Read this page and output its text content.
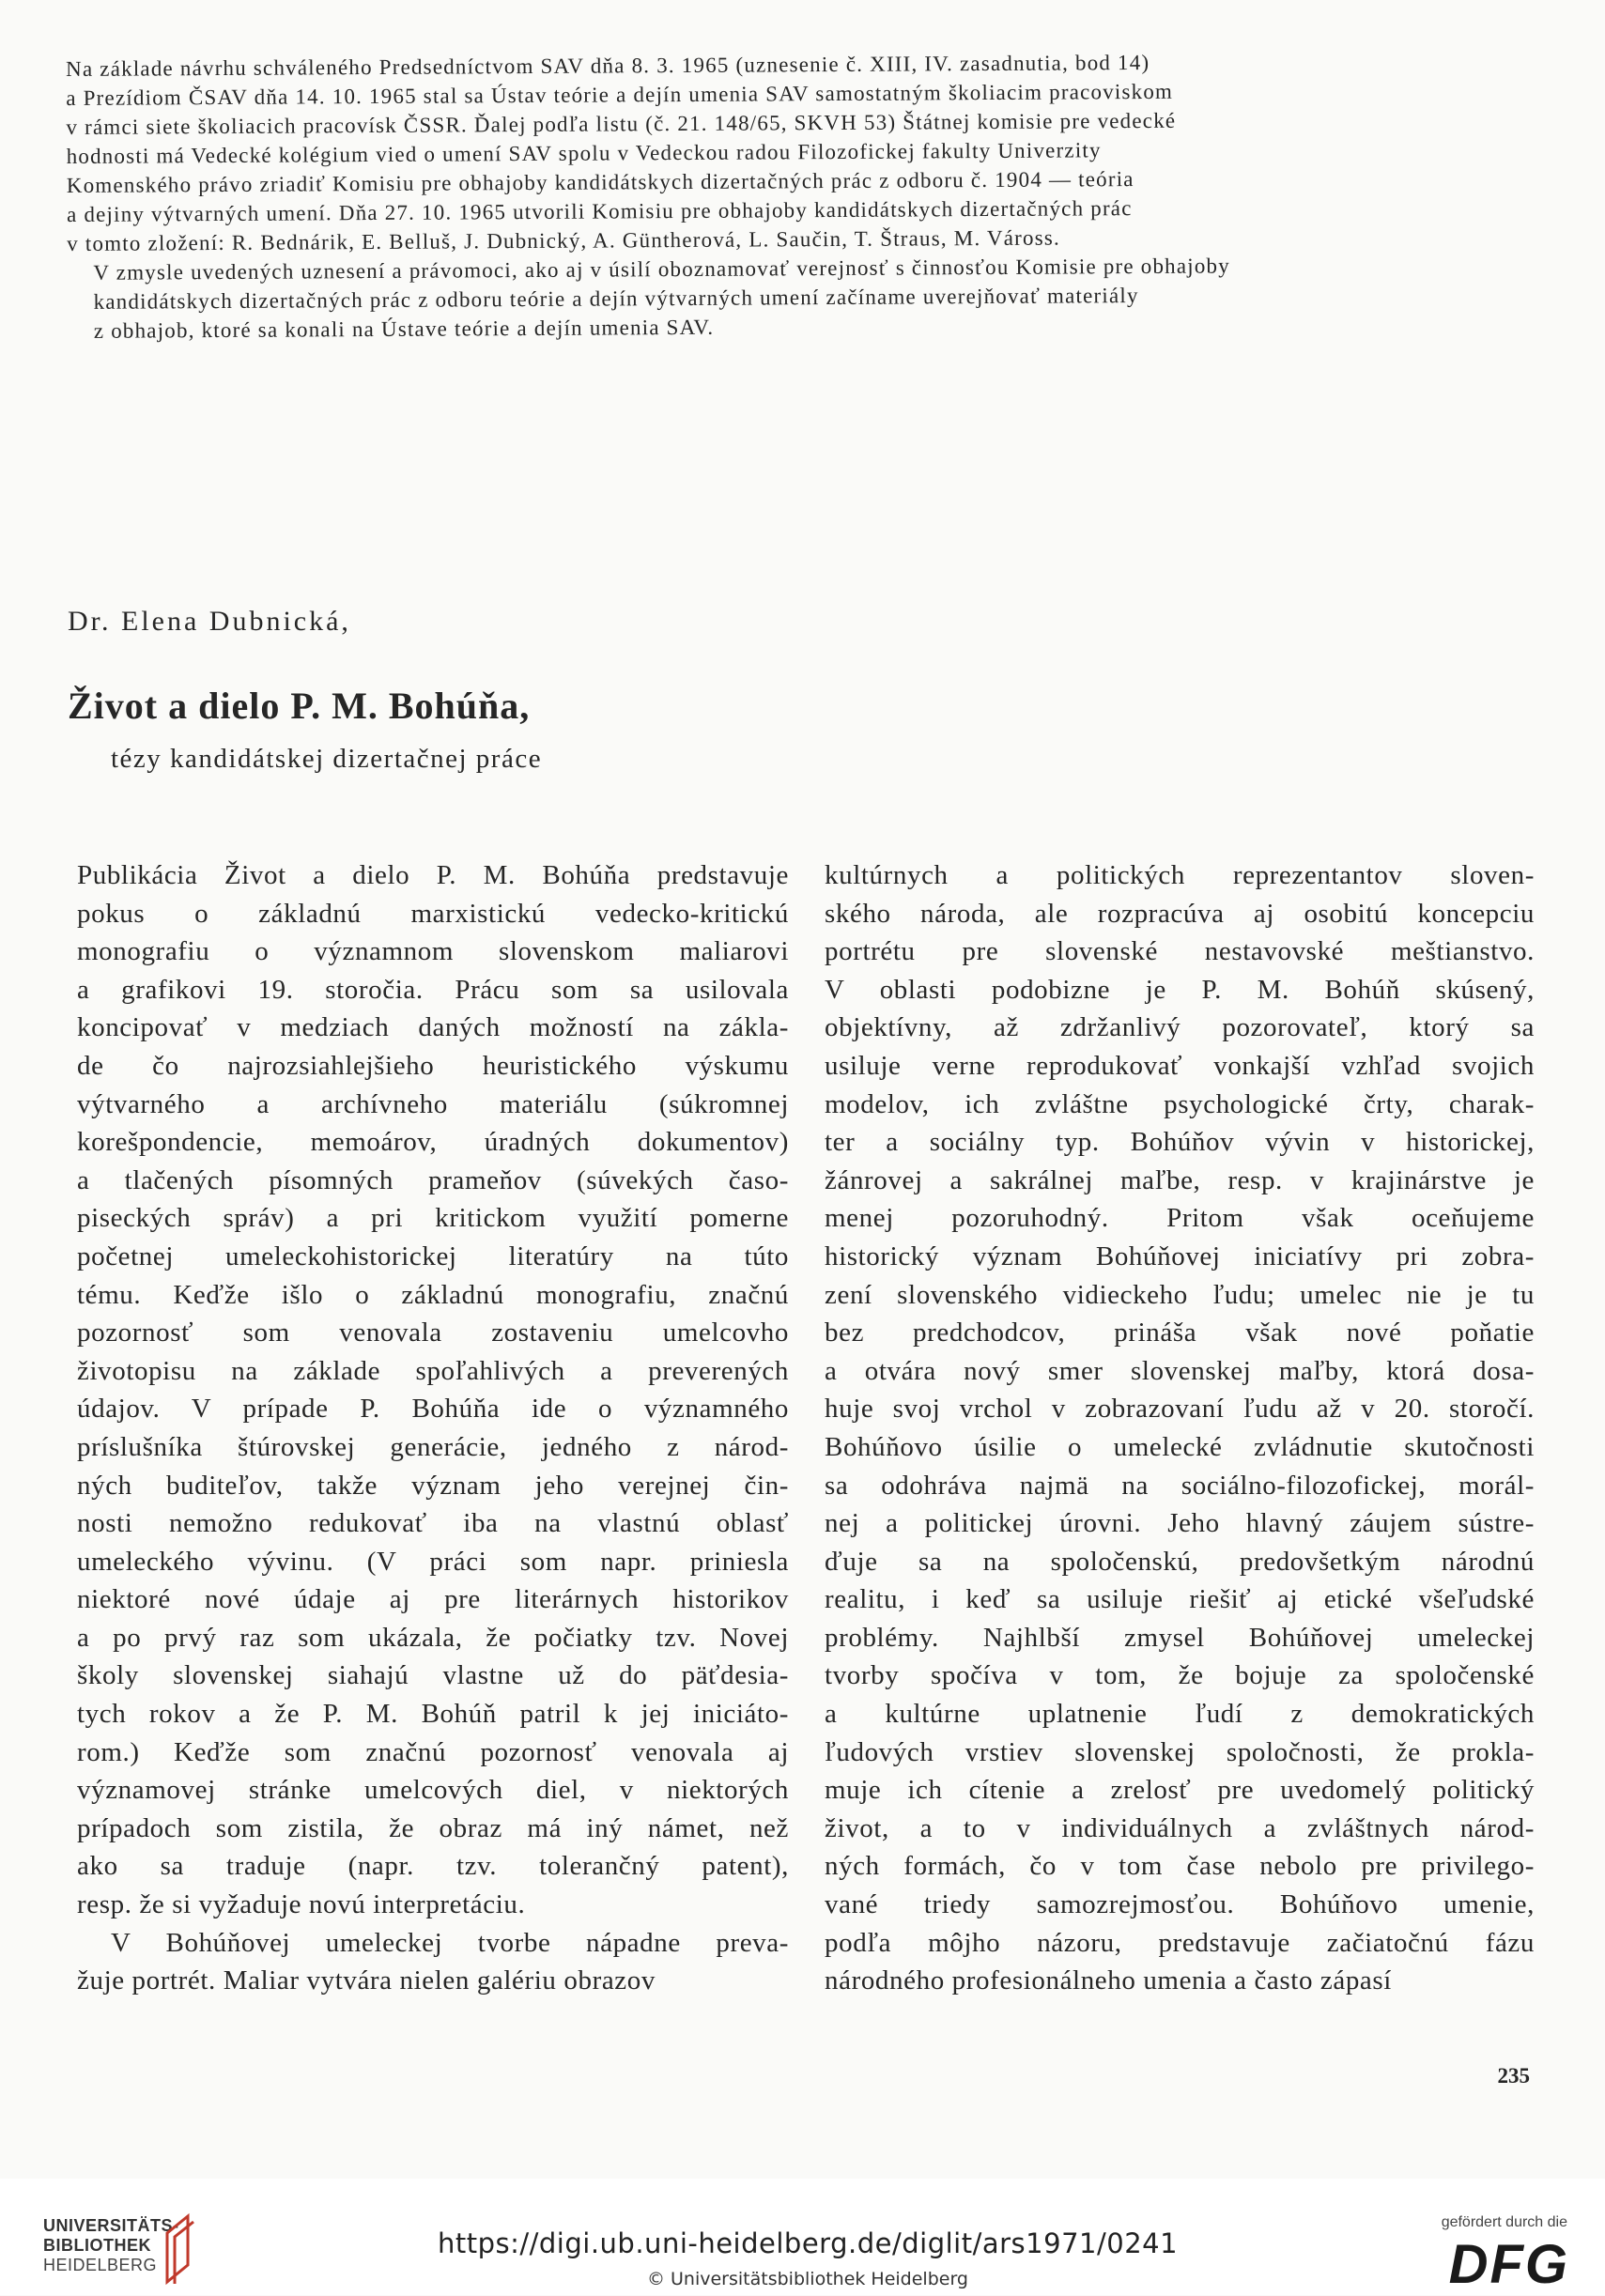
Na základe návrhu schváleného Predsedníctvom SAV dňa 8. 3. 1965 (uznesenie č. XIII, IV. zasadnutia, bod 14)
a Prezídiom ČSAV dňa 14. 10. 1965 stal sa Ústav teórie a dejín umenia SAV samostatným školiacim pracoviskom
v rámci siete školiacich pracovísk ČSSR. Ďalej podľa listu (č. 21. 148/65, SKVH 53) Štátnej komisie pre vedecké
hodnosti má Vedecké kolégium vied o umení SAV spolu v Vedeckou radou Filozofickej fakulty Univerzity
Komenského právo zriadiť Komisiu pre obhajoby kandidátskych dizertačných prác z odboru č. 1904 — teória
a dejiny výtvarných umení. Dňa 27. 10. 1965 utvorili Komisiu pre obhajoby kandidátskych dizertačných prác
v tomto zložení: R. Bednárik, E. Belluš, J. Dubnický, A. Güntherová, L. Saučin, T. Štraus, M. Váross.

V zmysle uvedených uznesení a právomoci, ako aj v úsilí oboznamovať verejnosť s činnosťou Komisie pre obhajoby
kandidátskych dizertačných prác z odboru teórie a dejín výtvarných umení začíname uverejňovať materiály
z obhajob, ktoré sa konali na Ústave teórie a dejín umenia SAV.

Dr. Elena Dubnická,
Život a dielo P. M. Bohúňa,
tézy kandidátskej dizertačnej práce
Publikácia Život a dielo P. M. Bohúňa predstavuje
pokus o základnú marxistickú vedecko-kritickú
monografiu o významnom slovenskom maliarovi
a grafikovi 19. storočia. Prácu som sa usilovala
koncipovať v medziach daných možností na zákla-
de čo najrozsiahlejšieho heuristického výskumu
výtvarného a archívneho materiálu (súkromnej
korešpondencie, memoárov, úradných dokumentov)
a tlačených písomných prameňov (súvekých časo-
piseckých správ) a pri kritickom využití pomerne
početnej umeleckohistorickej literatúry na túto
tému. Keďže išlo o základnú monografiu, značnú
pozornosť som venovala zostaveniu umelcovho
životopisu na základe spoľahlivých a preverených
údajov. V prípade P. Bohúňa ide o významného
príslušníka štúrovskej generácie, jedného z národ-
ných buditeľov, takže význam jeho verejnej čin-
nosti nemožno redukovať iba na vlastnú oblasť
umeleckého vývinu. (V práci som napr. priniesla
niektoré nové údaje aj pre literárnych historikov
a po prvý raz som ukázala, že počiatky tzv. Novej
školy slovenskej siahajú vlastne už do päťdesia-
tych rokov a že P. M. Bohúň patril k jej iniciáto-
rom.) Keďže som značnú pozornosť venovala aj
významovej stránke umelcových diel, v niektorých
prípadoch som zistila, že obraz má iný námet, než
ako sa traduje (napr. tzv. tolerančný patent),
resp. že si vyžaduje novú interpretáciu.
V Bohúňovej umeleckej tvorbe nápadne preva-
žuje portrét. Maliar vytvára nielen galériu obrazov
kultúrnych a politických reprezentantov sloven-
ského národa, ale rozpracúva aj osobitú koncepciu
portrétu pre slovenské nestavovské meštianstvo.
V oblasti podobizne je P. M. Bohúň skúsený,
objektívny, až zdržanlivý pozorovateľ, ktorý sa
usiluje verne reprodukovať vonkajší vzhľad svojich
modelov, ich zvláštne psychologické črty, charak-
ter a sociálny typ. Bohúňov vývin v historickej,
žánrovej a sakrálnej maľbe, resp. v krajinárstve je
menej pozoruhodný. Pritom však oceňujeme
historický význam Bohúňovej iniciatívy pri zobra-
zení slovenského vidieckeho ľudu; umelec nie je tu
bez predchodcov, prináša však nové poňatie
a otvára nový smer slovenskej maľby, ktorá dosa-
huje svoj vrchol v zobrazovaní ľudu až v 20. storočí.
Bohúňovo úsilie o umelecké zvládnutie skutočnosti
sa odohráva najmä na sociálno-filozofickej, morál-
nej a politickej úrovni. Jeho hlavný záujem sústre-
ďuje sa na spoločenskú, predovšetkým národnú
realitu, i keď sa usiluje riešiť aj etické všeľudské
problémy. Najhlbší zmysel Bohúňovej umeleckej
tvorby spočíva v tom, že bojuje za spoločenské
a kultúrne uplatnenie ľudí z demokratických
ľudových vrstiev slovenskej spoločnosti, že prokla-
muje ich cítenie a zrelosť pre uvedomelý politický
život, a to v individuálnych a zvláštnych národ-
ných formách, čo v tom čase nebolo pre privilego-
vané triedy samozrejmosťou. Bohúňovo umenie,
podľa môjho názoru, predstavuje začiatočnú fázu
národného profesionálneho umenia a často zápasí
235
UNIVERSITÄTS-
BIBLIOTHEK
HEIDELBERG
https://digi.ub.uni-heidelberg.de/diglit/ars1971/0241
© Universitätsbibliothek Heidelberg
gefördert durch die
DFG
